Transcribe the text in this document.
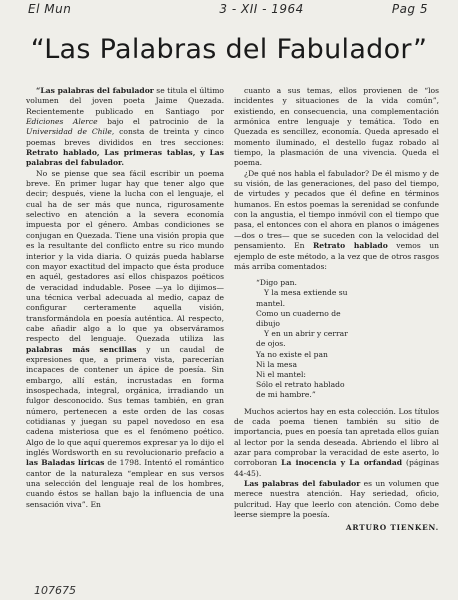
El Mun	3 - XII - 1964	Pag 5
“Las Palabras del Fabulador”

“Las palabras del fabulador se titula el último volumen del joven poeta Jaime Quezada. Recientemente publicado en Santiago por Ediciones Alerce bajo el patrocinio de la Universidad de Chile, consta de treinta y cinco poemas breves divididos en tres secciones: Retrato hablado, Las primeras tablas, y Las palabras del fabulador.

No se piense que sea fácil escribir un poema breve. En primer lugar hay que tener algo que decir; después, viene la lucha con el lenguaje, el cual ha de ser más que nunca, rigurosamente selectivo en atención a la severa economía impuesta por el género. Ambas condiciones se conjugan en Quezada. Tiene una visión propia que es la resultante del conflicto entre su rico mundo interior y la vida diaria. O quizás pueda hablarse con mayor exactitud del impacto que ésta produce en aquél, gestadores así ellos chispazos poéticos de veracidad indudable. Posee —ya lo dijimos— una técnica verbal adecuada al medio, capaz de configurar certeramente aquella visión, transformándola en poesía auténtica. Al respecto, cabe añadir algo a lo que ya observáramos respecto del lenguaje. Quezada utiliza las palabras más sencillas y un caudal de expresiones que, a primera vista, parecerían incapaces de contener un ápice de poesía. Sin embargo, allí están, incrustadas en forma insospechada, integral, orgánica, irradiando un fulgor desconocido. Sus temas también, en gran número, pertenecen a este orden de las cosas cotidianas y juegan su papel novedoso en esa cadena misteriosa que es el fenómeno poético. Algo de lo que aquí queremos expresar ya lo dijo el inglés Wordsworth en su revolucionario prefacio a las Baladas líricas de 1798. Intentó el romántico cantor de la naturaleza “emplear en sus versos una selección del lenguaje real de los hombres, cuando éstos se hallan bajo la influencia de una sensación viva”. En

cuanto a sus temas, ellos provienen de “los incidentes y situaciones de la vida común”, existiendo, en consecuencia, una complementación armónica entre lenguaje y temática. Todo en Quezada es sencillez, economía. Queda apresado el momento iluminado, el destello fugaz robado al tiempo, la plasmación de una vivencia. Queda el poema.

¿De qué nos habla el fabulador? De él mismo y de su visión, de las generaciones, del paso del tiempo, de virtudes y pecados que él define en términos humanos. En estos poemas la serenidad se confunde con la angustia, el tiempo inmóvil con el tiempo que pasa, el entonces con el ahora en planos o imágenes —dos o tres— que se suceden con la velocidad del pensamiento. En Retrato hablado vemos un ejemplo de este método, a la vez que de otros rasgos más arriba comentados:

“Digo pan.
Y la mesa extiende su
mantel.
Como un cuaderno de
dibujo
Y en un abrir y cerrar
de ojos.
Ya no existe el pan
Ni la mesa
Ni el mantel:
Sólo el retrato hablado
de mi hambre.”

Muchos aciertos hay en esta colección. Los títulos de cada poema tienen también su sitio de importancia, pues en poesía tan apretada ellos guían al lector por la senda deseada. Abriendo el libro al azar para comprobar la veracidad de este aserto, lo corroboran La inocencia y La orfandad (páginas 44-45).

Las palabras del fabulador es un volumen que merece nuestra atención. Hay seriedad, oficio, pulcritud. Hay que leerlo con atención. Como debe leerse siempre la poesía.

ARTURO TIENKEN.
107675
